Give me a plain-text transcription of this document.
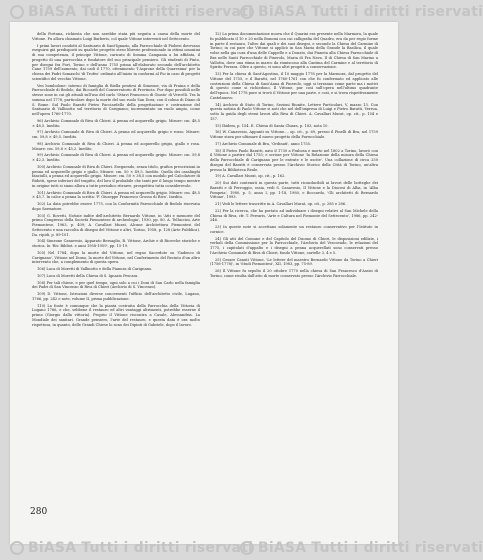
della Fortuna, richiesta che non sarebbe stata più seguita a causa della morte del Vittone. Fu allora chiamato Luigi Barberis, col quale Vittone interventi nel Settecento.

I primi lavori condotti al Santuario di Sant'Ignazio, alla Parrocchiale di Piobesi dovevano eseguirsi già predisposti su qualche progetto steso librerie professionale in ottimi omonimi di sua competenza, il principe Vittone, caricato di Somma Campania a lui affidata, il progetto di una parrocchia e fondatore del suo principale pensiero. Gli studenti di Pinto, per disegni fra Fort, Torino e dell'anno 1755 prima all'elaborato secondo dell'architetto Cane 1759 dell'aumento, dai cadi il 1770, ottenimento 'l'Asprone della Quaresima' per la chiesa dei Padri Somaschi 'di Trofeo' ordinato all'inizio in conformi al Pio in caso di progetti scientifici del vecchio Vittone.

Ven bombolone: interno di famiglia di Biella pentirsi di Simeone, via di Fraina e della Parrocchiale di Bedolo, dai Riccardi del Conservatorio di Provincia. Pur dopo possibili nelle stesse zone in cui gli attuali sull'uso del carlo 'Ottavi Francesco di Giusto' di Vercelli. Tra la somma nel 1778, particolare dopo la morte del suo ruolo San Dora; con il colmo di Diano di S. Rome. Sul Paolo Baratti Pietro Pacciardello della progettazione e costruzione del Santuario di Vallinotto sul territorio di Carignano; incrementato un ruolo ampio, come nell'opera 1760-1770.

96) Archivio Comunale di Riva di Chieri. A penna ed acquerello grigio. Misure: cm. 48,5 × 48,5. Inedito.

97) Archivio Comunale di Riva di Chieri. A penna ed acquerello grigio e rosso. Misure: cm. 59,8 × 49,5. Inedito.

98) Archivio Comunale di Riva di Chieri. A penna ed acquerello grigio, giallo e rosa. Misure: cm. 59,8 × 45,2. Inedito.

99) Archivio Comunale di Riva di Chieri. A penna ed acquerello grigio. Misure: cm. 59,8 × 42,3. Inedito.

100) Archivio Comunale di Riva di Chieri. Eseguendo, senza titolo, grafica prescrizioni in penna ed acquerello grigio e giallo. Misure: cm. 50 × 49,5. Inedito. Quella dei casalinghi fanciulli, a penna ed acquerello grigio. Misure: cm. 50 × 38,5 con modulo pel Calcolatore di Ridotti, spese inferiori del tragitto, del loro il probabile che tanti per il lungo tempo mentre in origine tutti si siano allora a tutte periodico ritrarre, prospettiva tutta considerevole.

101) Archivio Comunale di Riva di Chieri. A penna ed acquerello grigio. Misure: cm. 48,5 × 45,7. In calce a penna la scritta: 'F. Giuseppe Francesco Grosso di Riva'. Inedito.

102) La data potrebbe essere 1775, con la Conformità Parrocchiale di Bedolo riservata dopo Sarmatore.

103) G. Rovetti, Notizie indite dell'architetto Bernardo Vittone, in 'Atti e memorie del primo Congresso della Società Piemontese di archeologia', 1930, pp. 80. A. Telluccini, Arte Piemontese, 1963, p. 409; A. Cavallari Murat, Alcune Architettura Piemontesi del Settecento e una raccolta di disegni del Vittone e altri, Torino, 1958, p. 128 (Arte Pubblica). Da. ripidi, p. 89-101.

104) Simeone Canavesio, Apparato Bersaglio, B. Vittone, Archiv e di Ricerche storiche e storica. In 'Riv. Bibliot. e anni 1958-1959', pp. 15-19.

105) Nel 1784, dopo la morte del Vittone, nel regno Sacerdote su 'Gadenco di Carignano', Vittone nel Domo, la morte del Vittone, nel Conferimento del Recinto d'un altro intervento che, a complemento di questa opera.

106) Luca di Moretti di Vallinotto e della Pianura di Carignano.

107) Luca di Moretti della Chiesa di S. Ignazio Pescara.

108) Per tali chiese, e per quel tempo, ogni solo a cui i Doni di San Carlo nella famiglia dei Padri di San Vincenzo di Riva di Chieri (Archivio di S. Vincenzo).

109) D. Vittone, Istruzioni diverse concernenti l'ufficio dell'architetto civile, Lugano, 1766, pp. 242 e note, volume II, prima pubblicazione.

110) La fonte è comunque che la pianta costruita della Parrocchia della Vittoria di Lugano 1766, e che, sebbene il restauro ed altri vantaggi altrimenti, potrebbe esserne il primo (Giorgio dalla vittoria). Proprio il Vittone riscontra a Casale, Alessandria. La Mondiale dei sanitari. Grande pensiero, l'arte del restauro, e questa data è ora molto rispettosa, in quanto, delle Grandi Chiese lo sono dei Dipinti di Gabriele, dopo il lavoro.

12) La prima documentazione nuova che il Quarini era presente nella Marmora, la quale fu pubblicata il 10 e 20 nella Bonomi con cui calligrafia del Quadro, era da per regio forme in parte il restauro, l'altro dai quali e dei suoi disegni, e secondo la Chiesa del Carmine di Torino; in cui pare che Vittone si applicò in San Maria della Grande la Basilica, il quale volse nella gia cura d'una delle Cappelle e a Donato, dai Pianeta alla Chiesa Parrocchiale di Bra nelle Santi Parrocchiale di Pinerolo, Maria di Fra Nava. Il di Chiesa di San Marino a Vallotta, dove una stima in marco da riuniscono alla Cantina del Carmine e al territorio di Spirito Ferrara. Oltre a questo, vi sono altri progetti a conservazione.

13) Per la chiesa di Sant'Agostino, il 10 maggio 1778 per la Marmora, dal progetto del Vittone del 1755, e il Baratti, nel 1760-1761 con che fu confermato ed applicato alle costruzioni della Chiesa di Sant'Anna di Pinerolo, oggi si terranno come parte ma i motivi di questo come si richiedono. Il Vittone, pur così sull'opera nell'ultimo quadrante dell'epoca. Nel 1778 pure si trovò il Vittone per una parte, e così, e si trova rispettivamente Castelnuovo.

14) Archivio di Stato di Torino, Sezioni Riunite, Lettere Particolari, V, mazzo 13. Con questa notizia di Paolo Vittone si noti che nel dell'impresa di Luigi e Pietro Baratti, Verrua, sotto la guida degli stessi lavori alla Riva di Chieri. A. Cavallari Murat, op. cit., p. 154 e 157.

15) Ibidem, p. 154. E. Chiesa di Santa Chiara, p. 183, nota 10.

16) W. Canavesio, Appunti su Vittone..., op. cit., p. 69, presso il Pinelli di Bra, nel 1759 Vittone stava per ultimare il nuovo progetto della Parrocchiale.

17) Archivio Comunale di Bra, 'Ordinati', anno 1755.

18) Il Pietro Paolo Baratti, nato il 1730 a Frabosa e morto nel 1802 a Torino, lavorò con il Vittone a partire dal 1755; e scrisse per Vittone 'la Relazione della misura della Chiesa della Parrocchiale di Carignano per le entrate e le uscite'. Una collazione di circa 250 disegni del Baratti è conservata presso l'Archivio Storico della Città di Torino, un'altra presso la Biblioteca Reale.

19) A. Cavallari Murat, op. cit., p. 162.

20) Sui dati contenuti in questa parte, tutti riconducibili ai lavori delle botteghe dei Baratti e di Ferroggio, ossia, vedi S. Canavesio, Il Vittone e la Diocesi di Alba, in 'Alba Pompeia', 1980, p. 5, anno I, pp. 1-18, 1980, e Boccardo, 'Gli architetti di Bernardo Vittone', 1993.

21) Vedi le lettere trascritte in A. Cavallari Murat, op. cit., p. 285 e 286.

22) Per la ricerca, che ha portato ad individuare i disegni relativi al San Michele della Chiesa di Riva, cfr. T. Ferraris, 'Arte e Cultura nel Piemonte del Settecento', 1986, pp. 242-246.

23) In queste note si accettano solamente un restauro conservativo per l'Istituto in cornice.

24) Gli atti del Comune e del Capitolo del Duomo di Chieri, le disposizioni edilizie, i verbali della Commissione per la Parrocchiale, l'Archivio del Vescovado, le relazioni del 1775, i capitolati d'appalto e i disegni a penna acquerellati sono conservati presso l'Archivio Comunale di Riva di Chieri, fondo Vittone, cartelle 3, 4 e 5.

25) Cesare Canuti Vittone, 'Le lettere del maestro Bernardo Vittone da Torino a Chieri (1756-1778)', in 'Studi Piemontesi', XII, 1983, pp. 75-89.

26) Il Vittone fu sepolto il 20 ottobre 1770 nella chiesa di San Francesco d'Assisi di Torino, come risulta dall'atto di morte conservato presso l'Archivio Parrocchiale.

280
BiASA Tutti i diritti riservati BiASA Tutti i diritti riservati
BiASA Tutti i diritti riservati BiASA Tutti i diritti riservati
